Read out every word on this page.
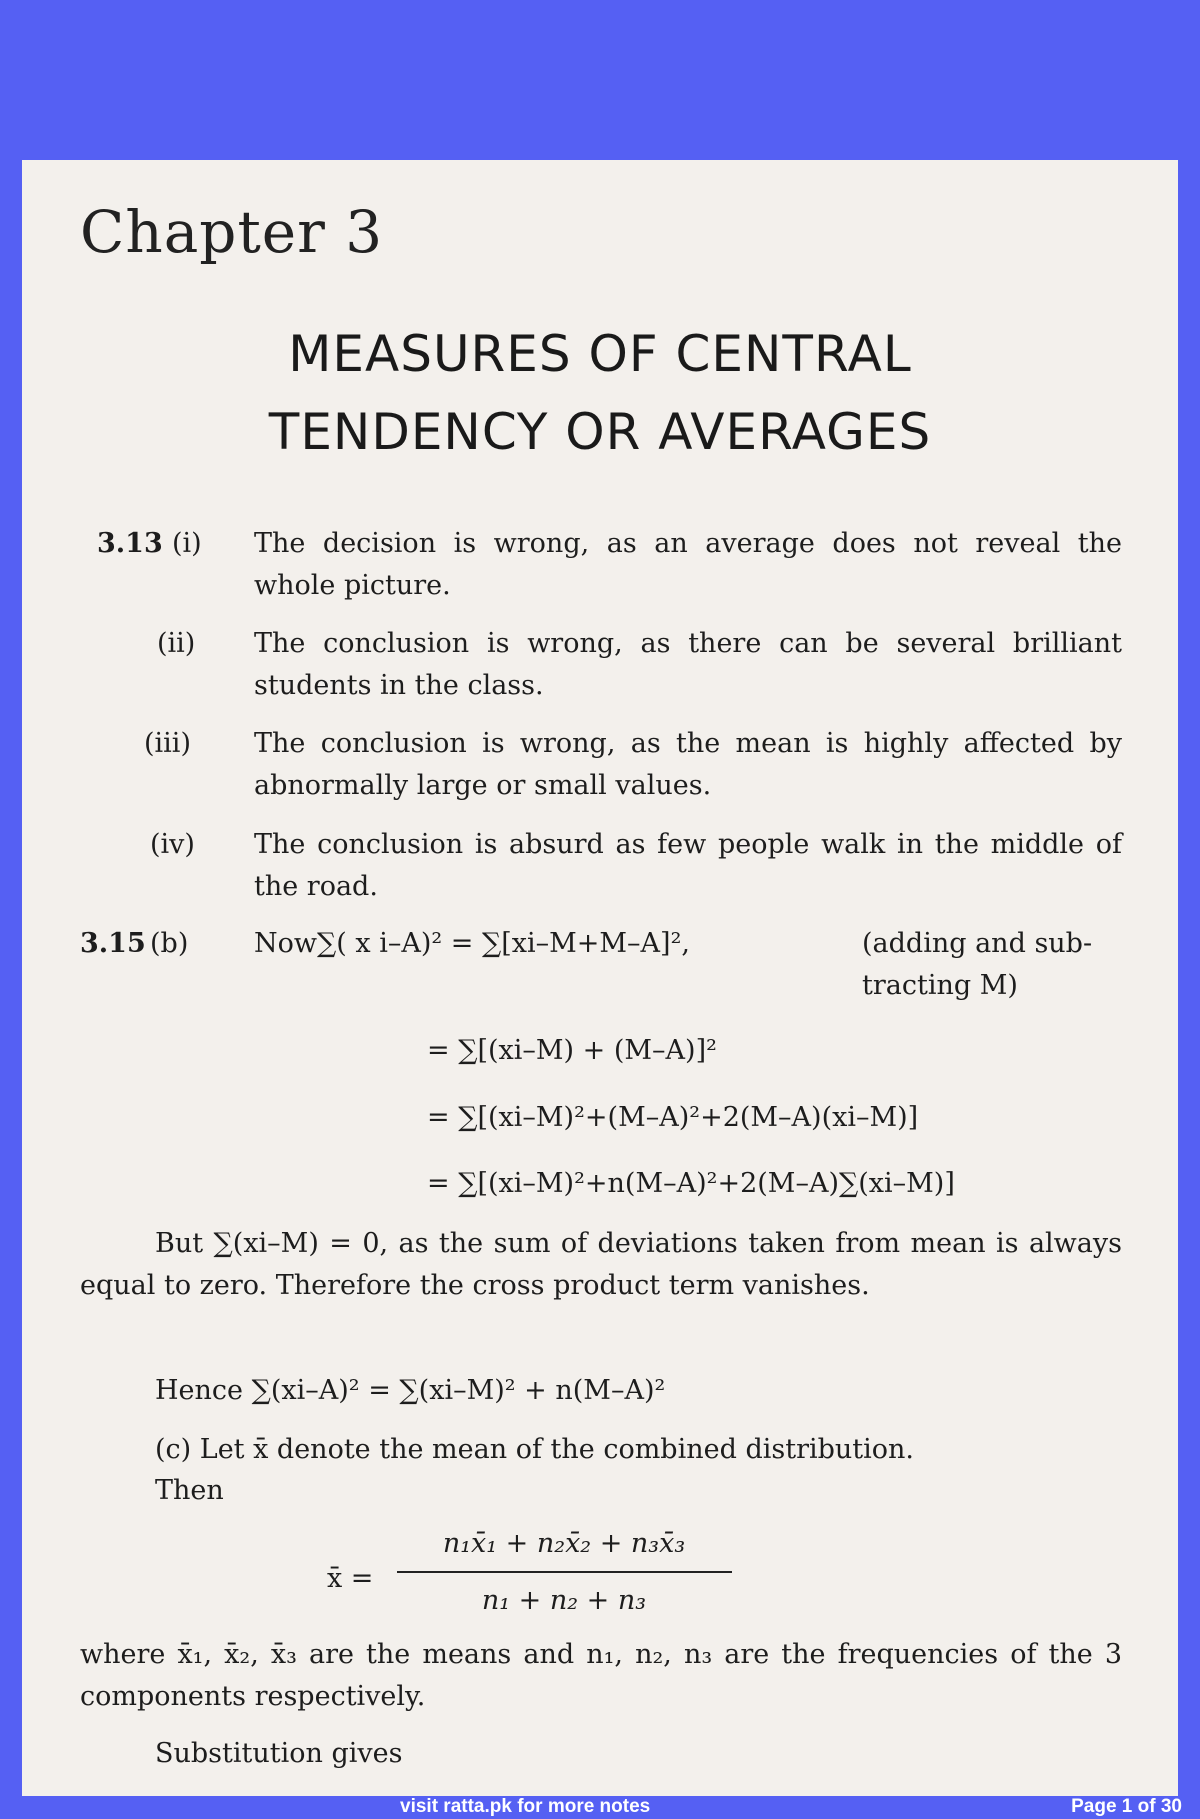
Chapter 3
MEASURES OF CENTRAL
TENDENCY OR AVERAGES
3.13 (i) The decision is wrong, as an average does not reveal the whole picture.
(ii) The conclusion is wrong, as there can be several brilliant students in the class.
(iii) The conclusion is wrong, as the mean is highly affected by abnormally large or small values.
(iv) The conclusion is absurd as few people walk in the middle of the road.
3.15 (b) Now∑( x i–A)² = ∑[xi–M+M–A]²,	(adding and sub-tracting M)
= ∑[(xi–M) + (M–A)]²
= ∑[(xi–M)²+(M–A)²+2(M–A)(xi–M)]
= ∑[(xi–M)²+n(M–A)²+2(M–A)∑(xi–M)]
But ∑(xi–M) = 0, as the sum of deviations taken from mean is always equal to zero. Therefore the cross product term vanishes.
Hence ∑(xi–A)² = ∑(xi–M)² + n(M–A)²
(c) Let x̄ denote the mean of the combined distribution.
Then
x̄ =
n₁x̄₁ + n₂x̄₂ + n₃x̄₃
n₁ + n₂ + n₃
where x̄₁, x̄₂, x̄₃ are the means and n₁, n₂, n₃ are the frequencies of the 3 components respectively.
Substitution gives
visit ratta.pk for more notes	Page 1 of 30
